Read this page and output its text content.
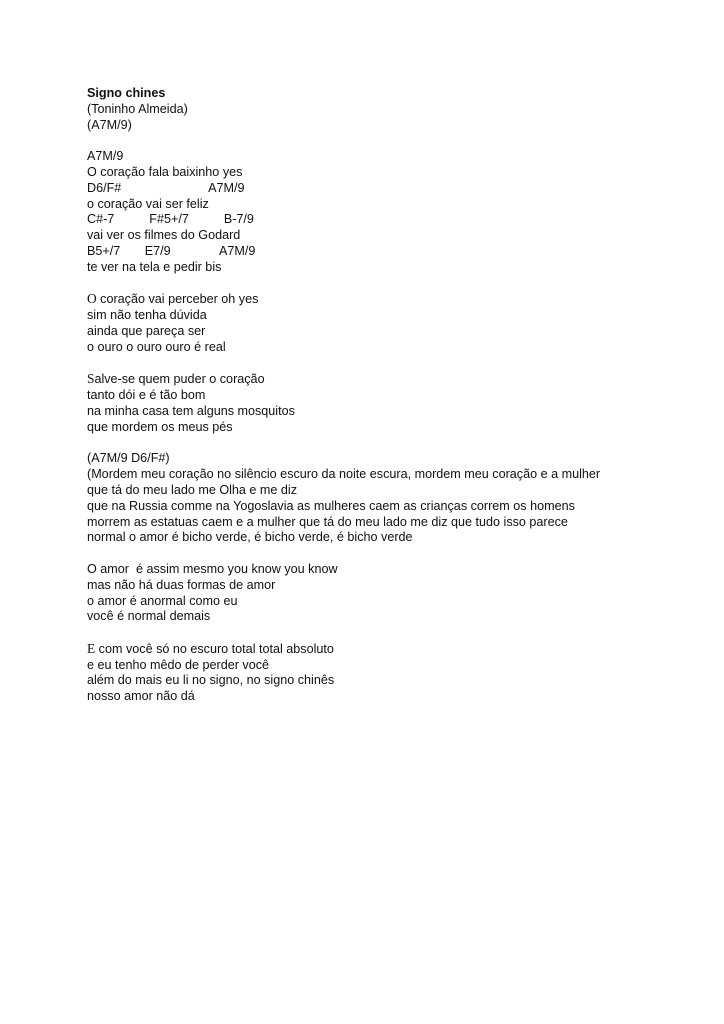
Signo chines
(Toninho Almeida)
(A7M/9)
A7M/9
O coração fala baixinho yes
D6/F#                         A7M/9
o coração vai ser feliz
C#-7          F#5+/7          B-7/9
vai ver os filmes do Godard
B5+/7       E7/9              A7M/9
te ver na tela e pedir bis
O coração vai perceber oh yes
sim não tenha dúvida
ainda que pareça ser
o ouro o ouro ouro é real
Salve-se quem puder o coração
tanto dói e é tão bom
na minha casa tem alguns mosquitos
que mordem os meus pés
(A7M/9 D6/F#)
(Mordem meu coração no silêncio escuro da noite escura, mordem meu coração e a mulher
que tá do meu lado me Olha e me diz
que na Russia comme na Yogoslavia as mulheres caem as crianças correm os homens
morrem as estatuas caem e a mulher que tá do meu lado me diz que tudo isso parece
normal o amor é bicho verde, é bicho verde, é bicho verde
O amor  é assim mesmo you know you know
mas não há duas formas de amor
o amor é anormal como eu
você é normal demais
E com você só no escuro total total absoluto
e eu tenho mêdo de perder você
além do mais eu li no signo, no signo chinês
nosso amor não dá
